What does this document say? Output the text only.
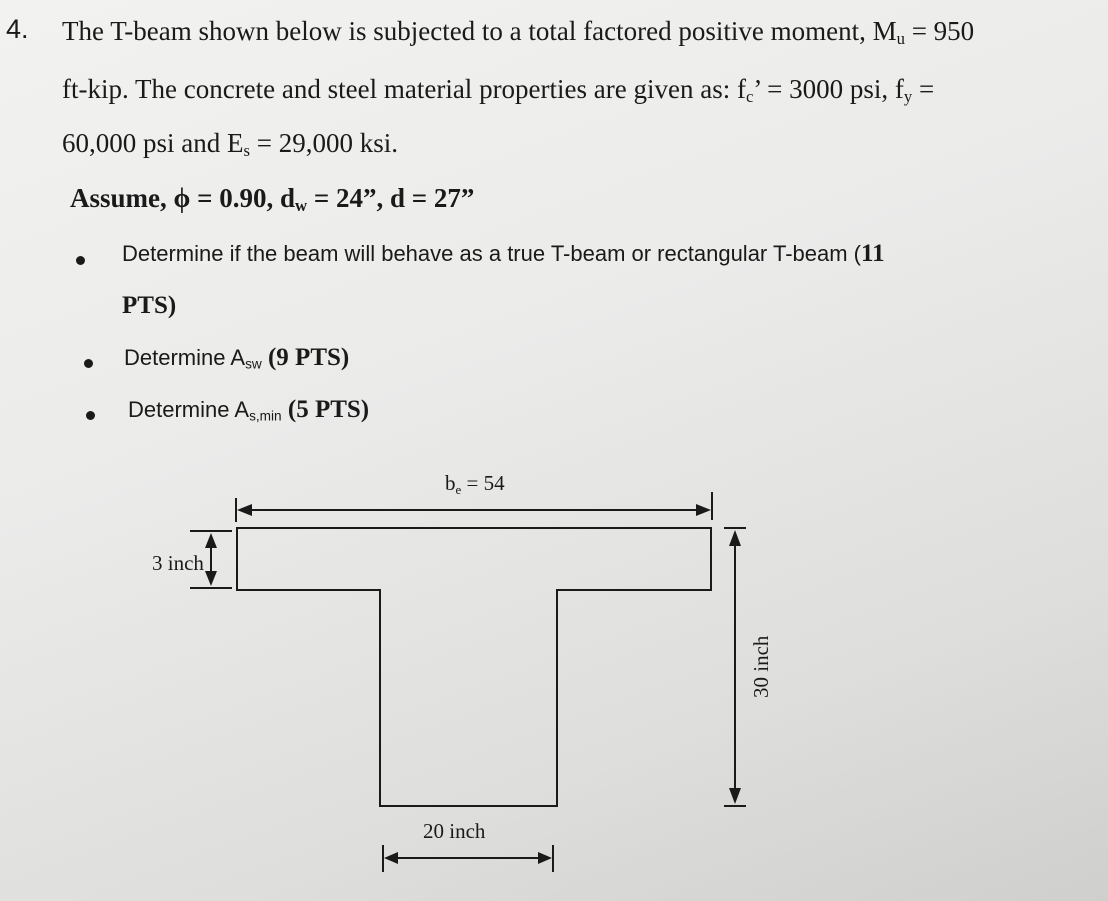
4. The T-beam shown below is subjected to a total factored positive moment, $M_u = 950$
ft-kip. The concrete and steel material properties are given as: $f_c$’ = 3000 psi, $f_y$ =
60,000 psi and $E_s = 29,000$ ksi.
Assume, ϕ = 0.90, $d_w = 24$”, d = 27”
Determine if the beam will behave as a true T-beam or rectangular T-beam (11
PTS)
Determine $A_{sw}$ (9 PTS)
Determine $A_{s,min}$ (5 PTS)
be = 54
3 inch
30 inch
20 inch
